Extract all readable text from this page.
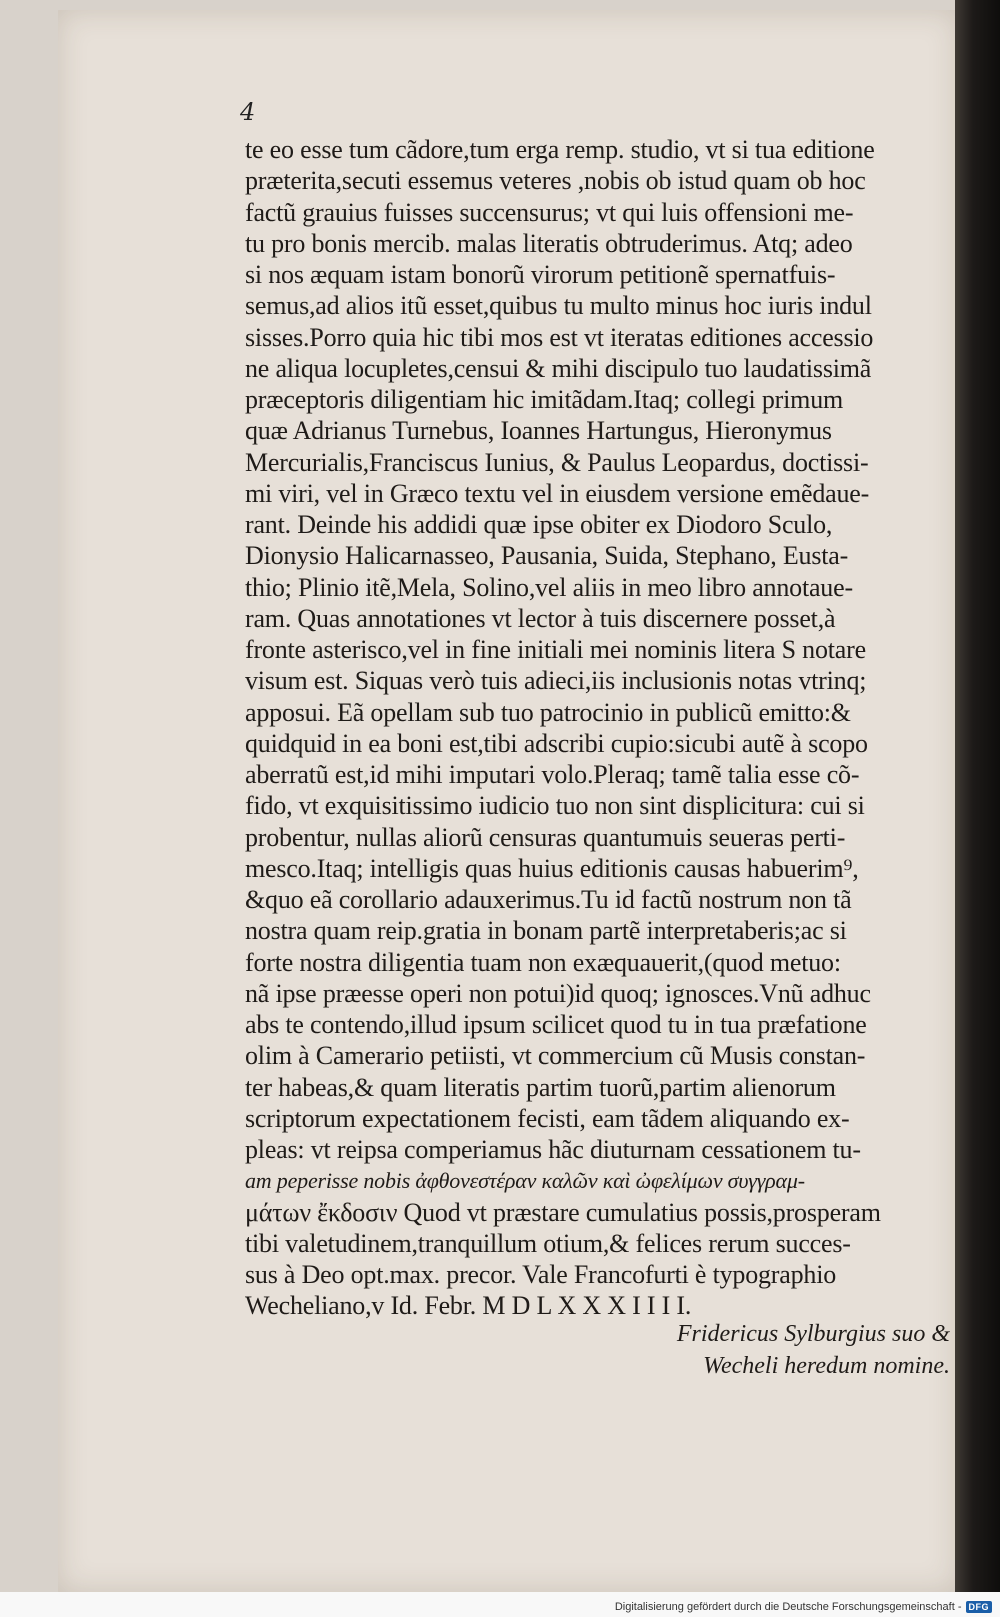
4
te eo esse tum cãdore,tum erga remp. studio, vt si tua editione
præterita,secuti essemus veteres ,nobis ob istud quam ob hoc
factũ grauius fuisses succensurus; vt qui luis offensioni me-
tu pro bonis mercib. malas literatis obtruderimus. Atq; adeo
si nos æquam istam bonorũ virorum petitionẽ spernatfuis-
semus,ad alios itũ esset,quibus tu multo minus hoc iuris indul
sisses.Porro quia hic tibi mos est vt iteratas editiones accessio
ne aliqua locupletes,censui & mihi discipulo tuo laudatissimã
præceptoris diligentiam hic imitãdam.Itaq; collegi primum
quæ Adrianus Turnebus, Ioannes Hartungus, Hieronymus
Mercurialis,Franciscus Iunius, & Paulus Leopardus, doctissi-
mi viri, vel in Græco textu vel in eiusdem versione emẽdaue-
rant. Deinde his addidi quæ ipse obiter ex Diodoro Sculo,
Dionysio Halicarnasseo, Pausania, Suida, Stephano, Eusta-
thio; Plinio itẽ,Mela, Solino,vel aliis in meo libro annotaue-
ram. Quas annotationes vt lector à tuis discernere posset,à
fronte asterisco,vel in fine initiali mei nominis litera S notare
visum est. Siquas verò tuis adieci,iis inclusionis notas vtrinq;
apposui. Eã opellam sub tuo patrocinio in publicũ emitto:&
quidquid in ea boni est,tibi adscribi cupio:sicubi autẽ à scopo
aberratũ est,id mihi imputari volo.Pleraq; tamẽ talia esse cõ-
fido, vt exquisitissimo iudicio tuo non sint displicitura: cui si
probentur, nullas aliorũ censuras quantumuis seueras perti-
mesco.Itaq; intelligis quas huius editionis causas habuerim⁹,
&quo eã corollario adauxerimus.Tu id factũ nostrum non tã
nostra quam reip.gratia in bonam partẽ interpretaberis;ac si
forte nostra diligentia tuam non exæquauerit,(quod metuo:
nã ipse præesse operi non potui)id quoq; ignosces.Vnũ adhuc
abs te contendo,illud ipsum scilicet quod tu in tua præfatione
olim à Camerario petiisti, vt commercium cũ Musis constan-
ter habeas,& quam literatis partim tuorũ,partim alienorum
scriptorum expectationem fecisti, eam tãdem aliquando ex-
pleas: vt reipsa comperiamus hãc diuturnam cessationem tu-
am peperisse nobis ἀφθονεστέραν καλῶν καὶ ὠφελίμων συγγραμ-
μάτων ἔκδοσιν Quod vt præstare cumulatius possis,prosperam
tibi valetudinem,tranquillum otium,& felices rerum succes-
sus à Deo opt.max. precor. Vale Francofurti è typographio
Wecheliano,v Id. Febr. M D L X X X I I I I.
Fridericus Sylburgius suo &
Wecheli heredum nomine.
Digitalisierung gefördert durch die Deutsche Forschungsgemeinschaft - DFG
